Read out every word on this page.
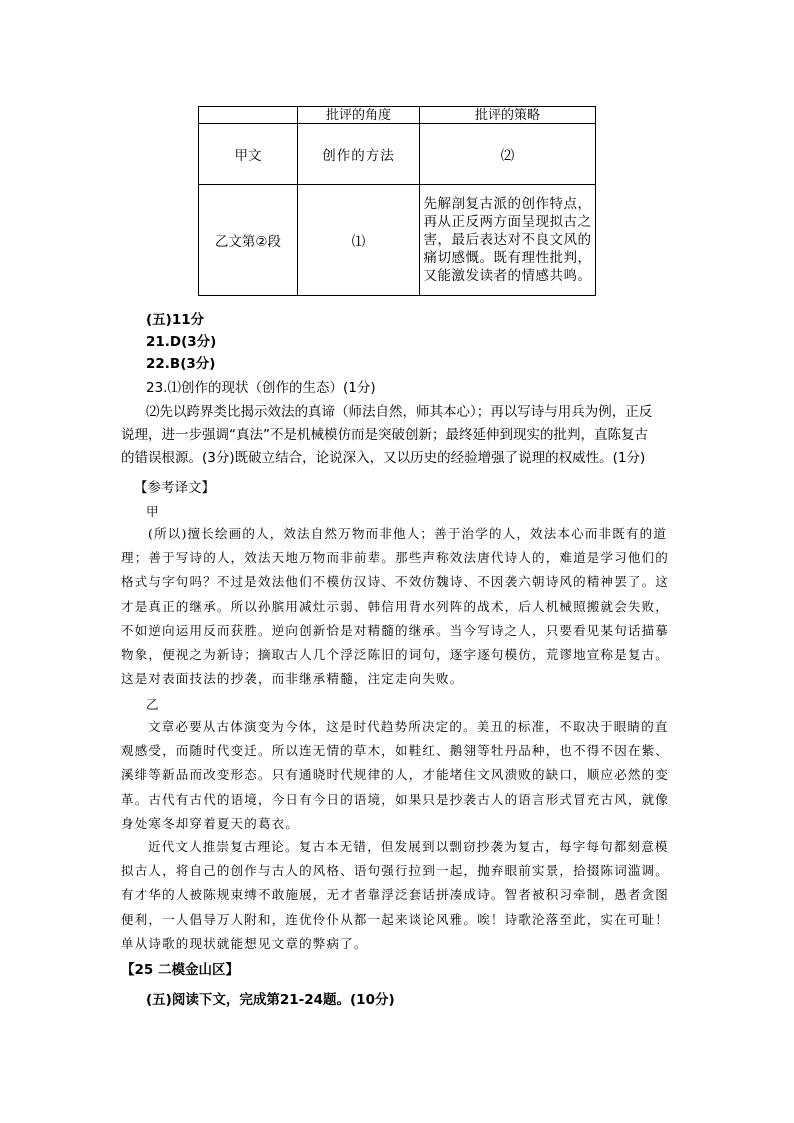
	批评的角度	批评的策略
甲文	创作的方法	⑵
乙文第②段	⑴	先解剖复古派的创作特点，再从正反两方面呈现拟古之害，最后表达对不良文风的痛切感慨。既有理性批判，又能激发读者的情感共鸣。
(五)11分
21.D(3分)
22.B(3分)
23.⑴创作的现状（创作的生态）(1分)
⑵先以跨界类比揭示效法的真谛（师法自然，师其本心）；再以写诗与用兵为例，正反
说理，进一步强调“真法”不是机械模仿而是突破创新；最终延伸到现实的批判，直陈复古
的错误根源。(3分)既破立结合，论说深入，又以历史的经验增强了说理的权威性。(1分)
【参考译文】
甲

(所以)擅长绘画的人，效法自然万物而非他人；善于治学的人，效法本心而非既有的道

理；善于写诗的人，效法天地万物而非前辈。那些声称效法唐代诗人的，难道是学习他们的
格式与字句吗？不过是效法他们不模仿汉诗、不效仿魏诗、不因袭六朝诗风的精神罢了。这
才是真正的继承。所以孙膑用减灶示弱、韩信用背水列阵的战术，后人机械照搬就会失败，
不如逆向运用反而获胜。逆向创新恰是对精髓的继承。当今写诗之人，只要看见某句话描摹
物象，便视之为新诗；摘取古人几个浮泛陈旧的词句，逐字逐句模仿，荒谬地宣称是复古。
这是对表面技法的抄袭，而非继承精髓，注定走向失败。
乙

文章必要从古体演变为今体，这是时代趋势所决定的。美丑的标准，不取决于眼睛的直

观感受，而随时代变迁。所以连无情的草木，如鞋红、鹅翎等牡丹品种，也不得不因在紫、
溪绯等新品而改变形态。只有通晓时代规律的人，才能堵住文风溃败的缺口，顺应必然的变
革。古代有古代的语境，今日有今日的语境，如果只是抄袭古人的语言形式冒充古风，就像
身处寒冬却穿着夏天的葛衣。

近代文人推崇复古理论。复古本无错，但发展到以剽窃抄袭为复古，每字每句都刻意模

拟古人，将自己的创作与古人的风格、语句强行拉到一起，抛弃眼前实景，拾掇陈词滥调。
有才华的人被陈规束缚不敢施展，无才者靠浮泛套话拼凑成诗。智者被积习牵制，愚者贪图
便利，一人倡导万人附和，连优伶仆从都一起来谈论风雅。唉！诗歌沦落至此，实在可耻！
单从诗歌的现状就能想见文章的弊病了。
【25 二模金山区】
(五)阅读下文，完成第21-24题。(10分)
